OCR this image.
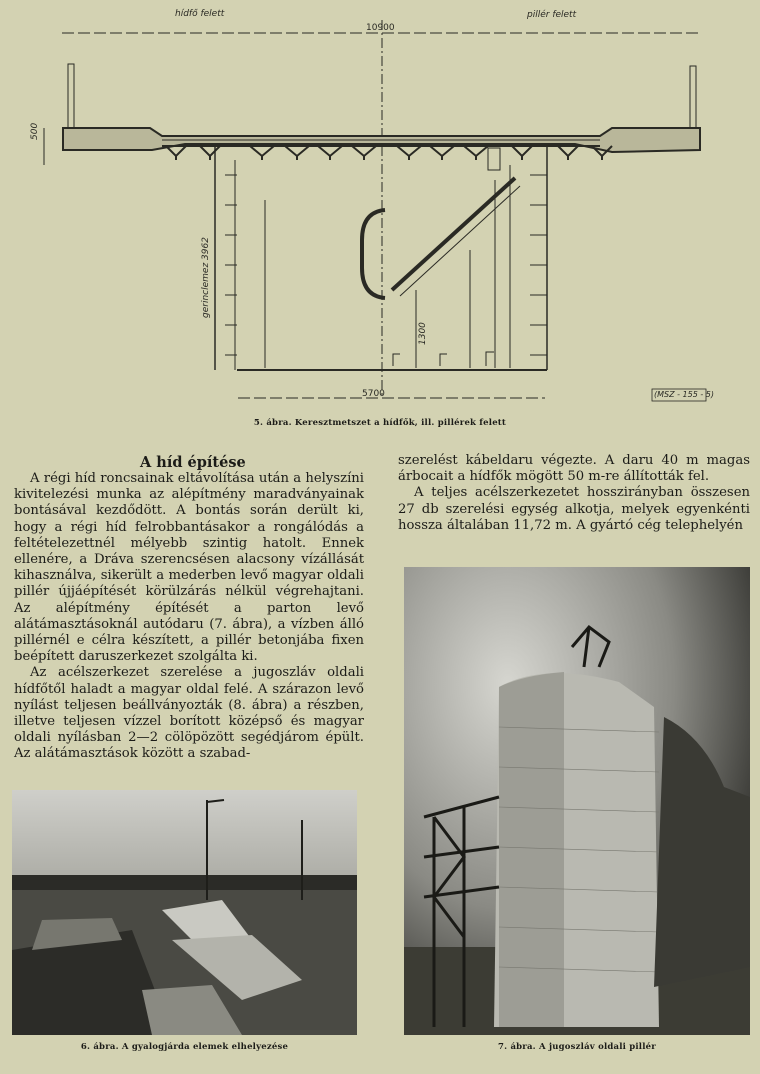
hídfő felett	pillér felett
10900
500
gerinclemez 3962
1300
5700	(MSZ - 155 - 5)
5. ábra. Keresztmetszet a hídfők, ill. pillérek felett
A híd építése

A régi híd roncsainak eltávolítása után a helyszíni kivitelezési munka az alépítmény maradványainak bontásával kezdődött. A bontás során derült ki, hogy a régi híd felrobbantásakor a rongálódás a feltételezettnél mélyebb szintig hatolt. Ennek ellenére, a Dráva szerencsésen alacsony vízállását kihasználva, sikerült a mederben levő magyar oldali pillér újjáépítését körülzárás nélkül végrehajtani. Az alépítmény építését a parton levő alátámasztásoknál autódaru (7. ábra), a vízben álló pillérnél e célra készített, a pillér betonjába fixen beépített daruszerkezet szolgálta ki.

Az acélszerkezet szerelése a jugoszláv oldali hídfőtől haladt a magyar oldal felé. A szárazon levő nyílást teljesen beállványozták (8. ábra) a részben, illetve teljesen vízzel borított középső és magyar oldali nyílásban 2—2 cölöpözött segédjárom épült. Az alátámasztások között a szabad-

szerelést kábeldaru végezte. A daru 40 m magas árbocait a hídfők mögött 50 m-re állították fel.

A teljes acélszerkezetet hosszirányban összesen 27 db szerelési egység alkotja, melyek egyenkénti hossza általában 11,72 m. A gyártó cég telephelyén

6. ábra. A gyalogjárda elemek elhelyezése	7. ábra. A jugoszláv oldali pillér
